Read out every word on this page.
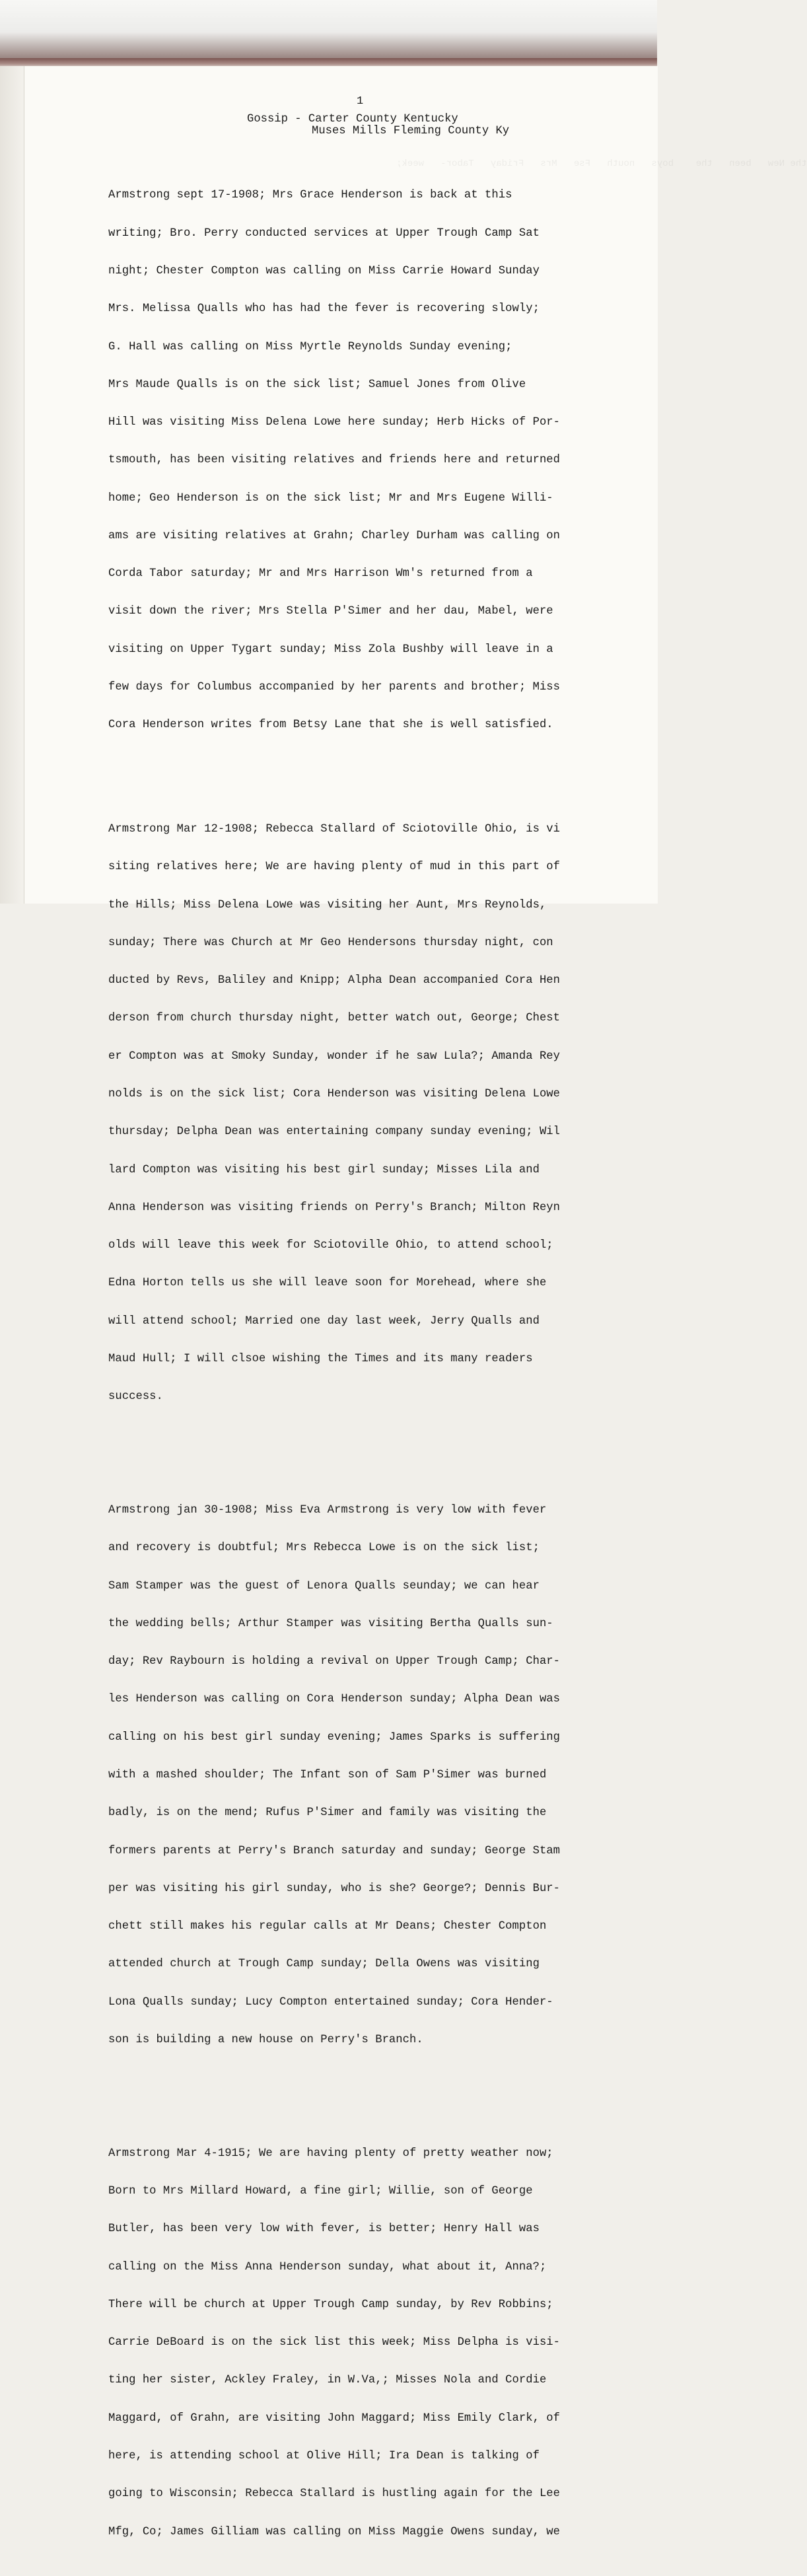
the New   been   the    boys
1
Gossip - Carter County Kentucky
Muses Mills Fleming County Ky

Armstrong sept 17-1908; Mrs Grace Henderson is back at this

writing; Bro. Perry conducted services at Upper Trough Camp Sat

night; Chester Compton was calling on Miss Carrie Howard Sunday

Mrs. Melissa Qualls who has had the fever is recovering slowly;

G. Hall was calling on Miss Myrtle Reynolds Sunday evening;

Mrs Maude Qualls is on the sick list; Samuel Jones from Olive

Hill was visiting Miss Delena Lowe here sunday; Herb Hicks of Por-

tsmouth, has been visiting relatives and friends here and returned

home; Geo Henderson is on the sick list; Mr and Mrs Eugene Willi-

ams are visiting relatives at Grahn; Charley Durham was calling on

Corda Tabor saturday; Mr and Mrs Harrison Wm's returned from a

visit down the river; Mrs Stella P'Simer and her dau, Mabel, were

visiting on Upper Tygart sunday; Miss Zola Bushby will leave in a

few days for Columbus accompanied by her parents and brother; Miss

Cora Henderson writes from Betsy Lane that she is well satisfied.

Armstrong Mar 12-1908; Rebecca Stallard of Sciotoville Ohio, is vi

siting relatives here; We are having plenty of mud in this part of

the Hills; Miss Delena Lowe was visiting her Aunt, Mrs Reynolds,

sunday; There was Church at Mr Geo Hendersons thursday night, con

ducted by Revs, Baliley and Knipp; Alpha Dean accompanied Cora Hen

derson from church thursday night, better watch out, George; Chest

er Compton was at Smoky Sunday, wonder if he saw Lula?; Amanda Rey

nolds is on the sick list; Cora Henderson was visiting Delena Lowe

thursday; Delpha Dean was entertaining company sunday evening; Wil

lard Compton was visiting his best girl sunday; Misses Lila and

Anna Henderson was visiting friends on Perry's Branch; Milton Reyn

olds will leave this week for Sciotoville Ohio, to attend school;

Edna Horton tells us she will leave soon for Morehead, where she

will attend school; Married one day last week, Jerry Qualls and

Maud Hull; I will clsoe wishing the Times and its many readers

success.

Armstrong jan 30-1908; Miss Eva Armstrong is very low with fever

and recovery is doubtful; Mrs Rebecca Lowe is on the sick list;

Sam Stamper was the guest of Lenora Qualls seunday; we can hear

the wedding bells; Arthur Stamper was visiting Bertha Qualls sun-

day; Rev Raybourn is holding a revival on Upper Trough Camp; Char-

les Henderson was calling on Cora Henderson sunday; Alpha Dean was

calling on his best girl sunday evening; James Sparks is suffering

with a mashed shoulder; The Infant son of Sam P'Simer was burned

badly, is on the mend; Rufus P'Simer and family was visiting the

formers parents at Perry's Branch saturday and sunday; George Stam

per was visiting his girl sunday, who is she? George?; Dennis Bur-

chett still makes his regular calls at Mr Deans; Chester Compton

attended church at Trough Camp sunday; Della Owens was visiting

Lona Qualls sunday; Lucy Compton entertained sunday; Cora Hender-

son is building a new house on Perry's Branch.

Armstrong Mar 4-1915; We are having plenty of pretty weather now;

Born to Mrs Millard Howard, a fine girl; Willie, son of George

Butler, has been very low with fever, is better; Henry Hall was

calling on the Miss Anna Henderson sunday, what about it, Anna?;

There will be church at Upper Trough Camp sunday, by Rev Robbins;

Carrie DeBoard is on the sick list this week; Miss Delpha is visi-

ting her sister, Ackley Fraley, in W.Va,; Misses Nola and Cordie

Maggard, of Grahn, are visiting John Maggard; Miss Emily Clark, of

here, is attending school at Olive Hill; Ira Dean is talking of

going to Wisconsin; Rebecca Stallard is hustling again for the Lee

Mfg, Co; James Gilliam was calling on Miss Maggie Owens sunday, we
